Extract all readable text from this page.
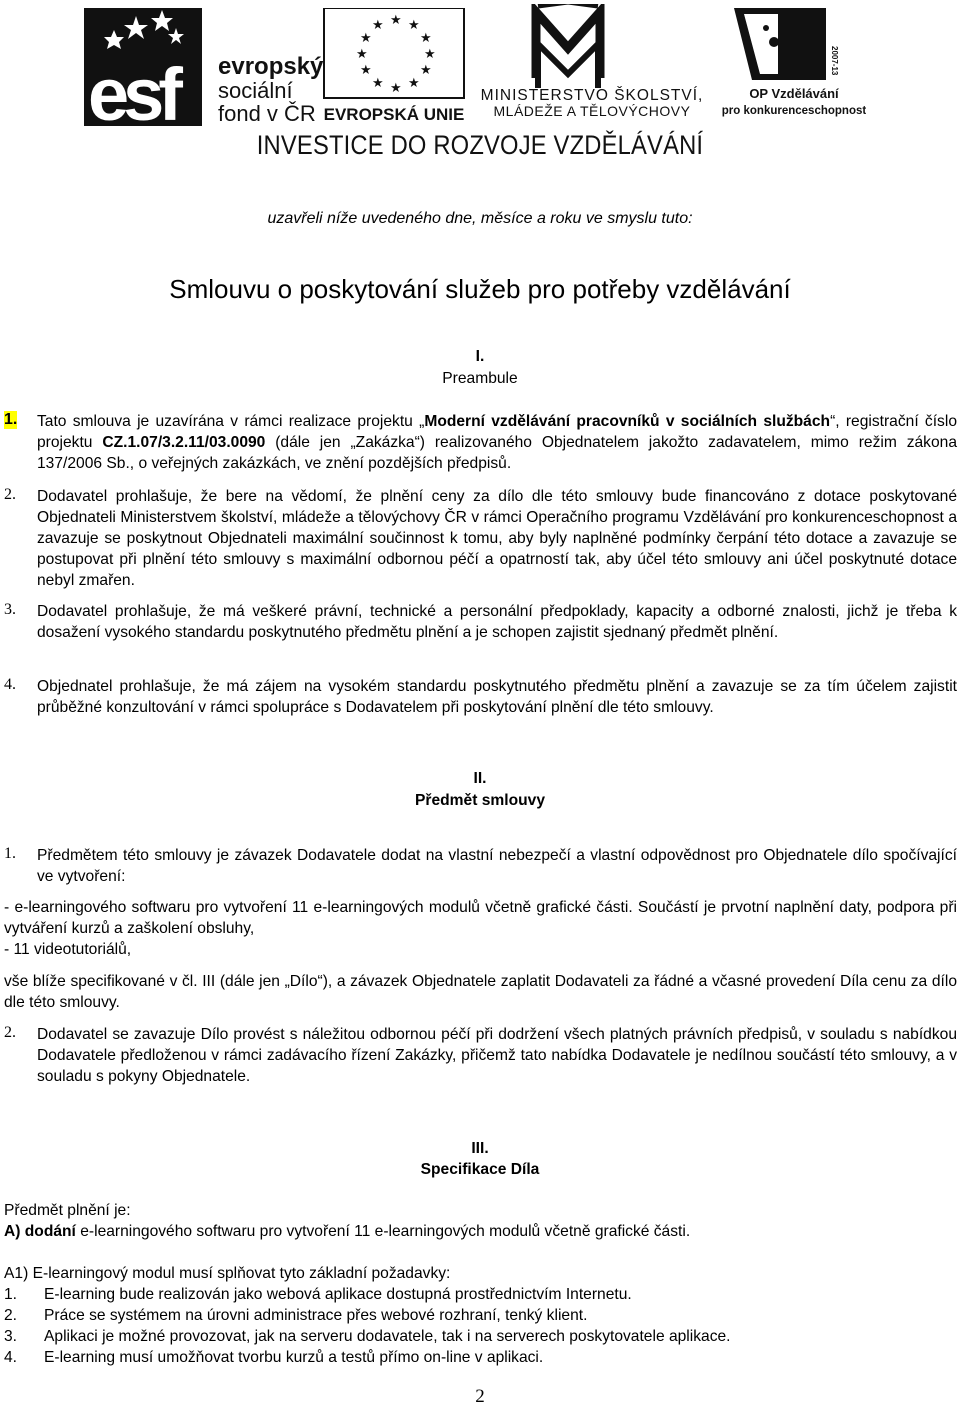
esf evropský
sociální
fond v ČR
★ ★
★
★
★
★
★
★
★
★
★
★
EVROPSKÁ UNIE
MINISTERSTVO ŠKOLSTVÍ,
MLÁDEŽE A TĚLOVÝCHOVY
2007-13
OP Vzdělávání
pro konkurenceschopnost
INVESTICE DO ROZVOJE VZDĚLÁVÁNÍ
uzavřeli níže uvedeného dne, měsíce a roku ve smyslu tuto:
Smlouvu o poskytování služeb pro potřeby vzdělávání
I.
Preambule
1. Tato smlouva je uzavírána v rámci realizace projektu „Moderní vzdělávání pracovníků v sociálních službách“, registrační číslo projektu CZ.1.07/3.2.11/03.0090 (dále jen „Zakázka“) realizovaného Objednatelem jakožto zadavatelem, mimo režim zákona 137/2006 Sb., o veřejných zakázkách, ve znění pozdějších předpisů.
2. Dodavatel prohlašuje, že bere na vědomí, že plnění ceny za dílo dle této smlouvy bude financováno z dotace poskytované Objednateli Ministerstvem školství, mládeže a tělovýchovy ČR v rámci Operačního programu Vzdělávání pro konkurenceschopnost a zavazuje se poskytnout Objednateli maximální součinnost k tomu, aby byly naplněné podmínky čerpání této dotace a zavazuje se postupovat při plnění této smlouvy s maximální odbornou péčí a opatrností tak, aby účel této smlouvy ani účel poskytnuté dotace nebyl zmařen.
3. Dodavatel prohlašuje, že má veškeré právní, technické a personální předpoklady, kapacity a odborné znalosti, jichž je třeba k dosažení vysokého standardu poskytnutého předmětu plnění a je schopen zajistit sjednaný předmět plnění.
4. Objednatel prohlašuje, že má zájem na vysokém standardu poskytnutého předmětu plnění a zavazuje se za tím účelem zajistit průběžné konzultování v rámci spolupráce s Dodavatelem při poskytování plnění dle této smlouvy.
II.
Předmět smlouvy
1. Předmětem této smlouvy je závazek Dodavatele dodat na vlastní nebezpečí a vlastní odpovědnost pro Objednatele dílo spočívající ve vytvoření:
- e-learningového softwaru pro vytvoření 11 e-learningových modulů včetně grafické části. Součástí je prvotní naplnění daty, podpora při vytváření kurzů a zaškolení obsluhy,
- 11 videotutoriálů,
vše blíže specifikované v čl. III (dále jen „Dílo“), a závazek Objednatele zaplatit Dodavateli za řádné a včasné provedení Díla cenu za dílo dle této smlouvy.
2. Dodavatel se zavazuje Dílo provést s náležitou odbornou péčí při dodržení všech platných právních předpisů, v souladu s nabídkou Dodavatele předloženou v rámci zadávacího řízení Zakázky, přičemž tato nabídka Dodavatele je nedílnou součástí této smlouvy, a v souladu s pokyny Objednatele.
III.
Specifikace Díla
Předmět plnění je:
A) dodání e-learningového softwaru pro vytvoření 11 e-learningových modulů včetně grafické části.
A1) E-learningový modul musí splňovat tyto základní požadavky:
1. E-learning bude realizován jako webová aplikace dostupná prostřednictvím Internetu.
2. Práce se systémem na úrovni administrace přes webové rozhraní, tenký klient.
3. Aplikaci je možné provozovat, jak na serveru dodavatele, tak i na serverech poskytovatele aplikace.
4. E-learning musí umožňovat tvorbu kurzů a testů přímo on-line v aplikaci.
2
